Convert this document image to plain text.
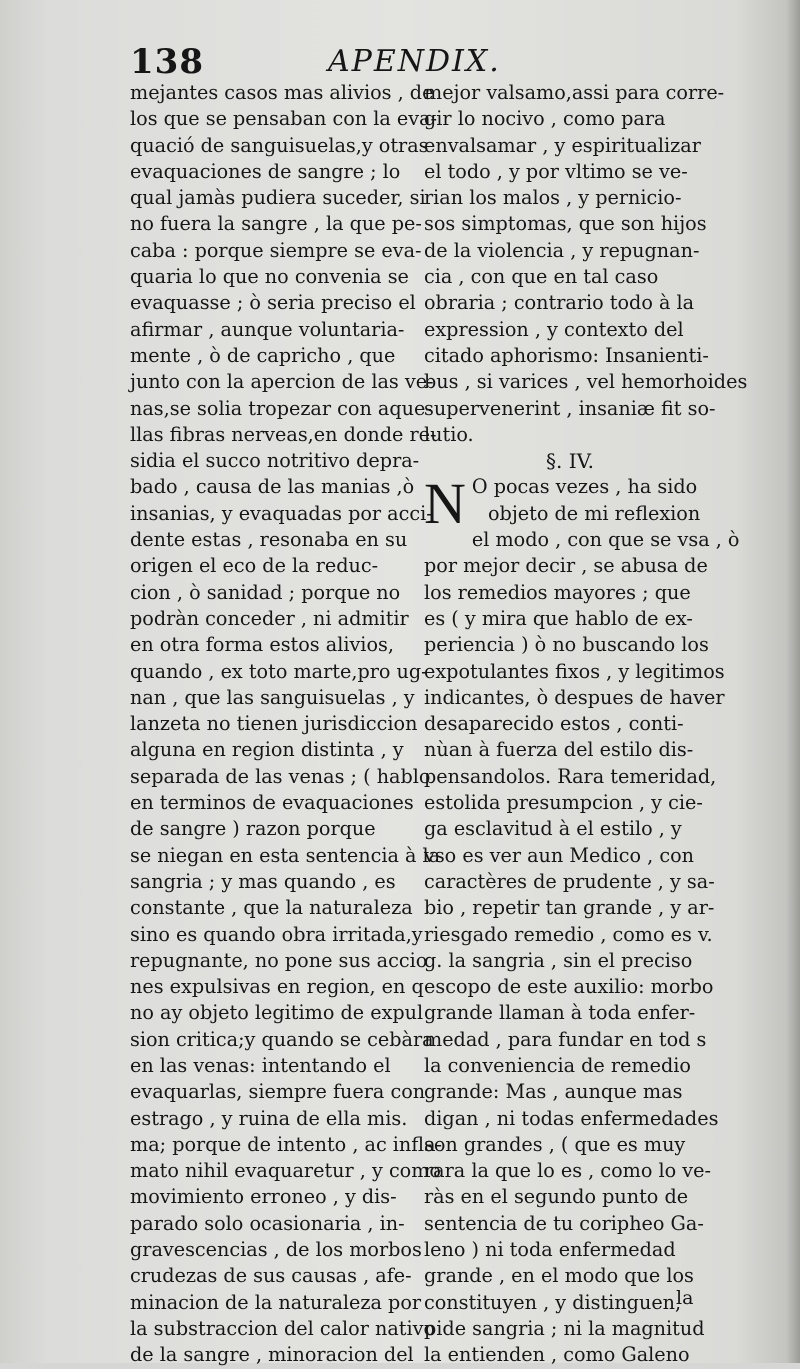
138	APENDIX.
mejantes casos mas alivios , de
los que se pensaban con la eva-
quació de sanguisuelas,y otras
evaquaciones de sangre ; lo
qual jamàs pudiera suceder, si
no fuera la sangre , la que pe-
caba : porque siempre se eva-
quaria lo que no convenia se
evaquasse ; ò seria preciso el
afirmar , aunque voluntaria-
mente , ò de capricho , que
junto con la apercion de las ve-
nas,se solia tropezar con aque-
llas fibras nerveas,en donde re-
sidia el succo notritivo depra-
bado , causa de las manias ,ò
insanias, y evaquadas por acci-
dente estas , resonaba en su
origen el eco de la reduc-
cion , ò sanidad ; porque no
podràn conceder , ni admitir
en otra forma estos alivios,
quando , ex toto marte,pro ug-
nan , que las sanguisuelas , y
lanzeta no tienen jurisdiccion
alguna en region distinta , y
separada de las venas ; ( hablo
en terminos de evaquaciones
de sangre ) razon porque
se niegan en esta sentencia à la
sangria ; y mas quando , es
constante , que la naturaleza
sino es quando obra irritada,y
repugnante, no pone sus accio
nes expulsivas en region, en q
no ay objeto legitimo de expul
sion critica;y quando se cebàra
en las venas: intentando el
evaquarlas, siempre fuera con
estrago , y ruina de ella mis.
ma; porque de intento , ac infla-
mato nihil evaquaretur , y como
movimiento erroneo , y dis-
parado solo ocasionaria , in-
gravescencias , de los morbos
crudezas de sus causas , afe-
minacion de la naturaleza por
la substraccion del calor nativo
de la sangre , minoracion del
mejor valsamo,assi para corre-
gir lo nocivo , como para
envalsamar , y espiritualizar
el todo , y por vltimo se ve-
rian los malos , y pernicio-
sos simptomas, que son hijos
de la violencia , y repugnan-
cia , con que en tal caso
obraria ; contrario todo à la
expression , y contexto del
citado aphorismo: Insanienti-
bus , si varices , vel hemorhoides
supervenerint , insaniæ fit so-
lutio.
§. IV.
N O pocas vezes , ha sido
objeto de mi reflexion
el modo , con que se vsa , ò
por mejor decir , se abusa de
los remedios mayores ; que
es ( y mira que hablo de ex-
periencia ) ò no buscando los
expotulantes fixos , y legitimos
indicantes, ò despues de haver
desaparecido estos , conti-
nùan à fuerza del estilo dis-
pensandolos. Rara temeridad,
estolida presumpcion , y cie-
ga esclavitud à el estilo , y
vso es ver aun Medico , con
caractères de prudente , y sa-
bio , repetir tan grande , y ar-
riesgado remedio , como es v.
g. la sangria , sin el preciso
escopo de este auxilio: morbo
grande llaman à toda enfer-
medad , para fundar en tod s
la conveniencia de remedio
grande: Mas , aunque mas
digan , ni todas enfermedades
son grandes , ( que es muy
rara la que lo es , como lo ve-
ràs en el segundo punto de
sentencia de tu coripheo Ga-
leno ) ni toda enfermedad
grande , en el modo que los
constituyen , y distinguen,
pide sangria ; ni la magnitud
la entienden , como Galeno
la
